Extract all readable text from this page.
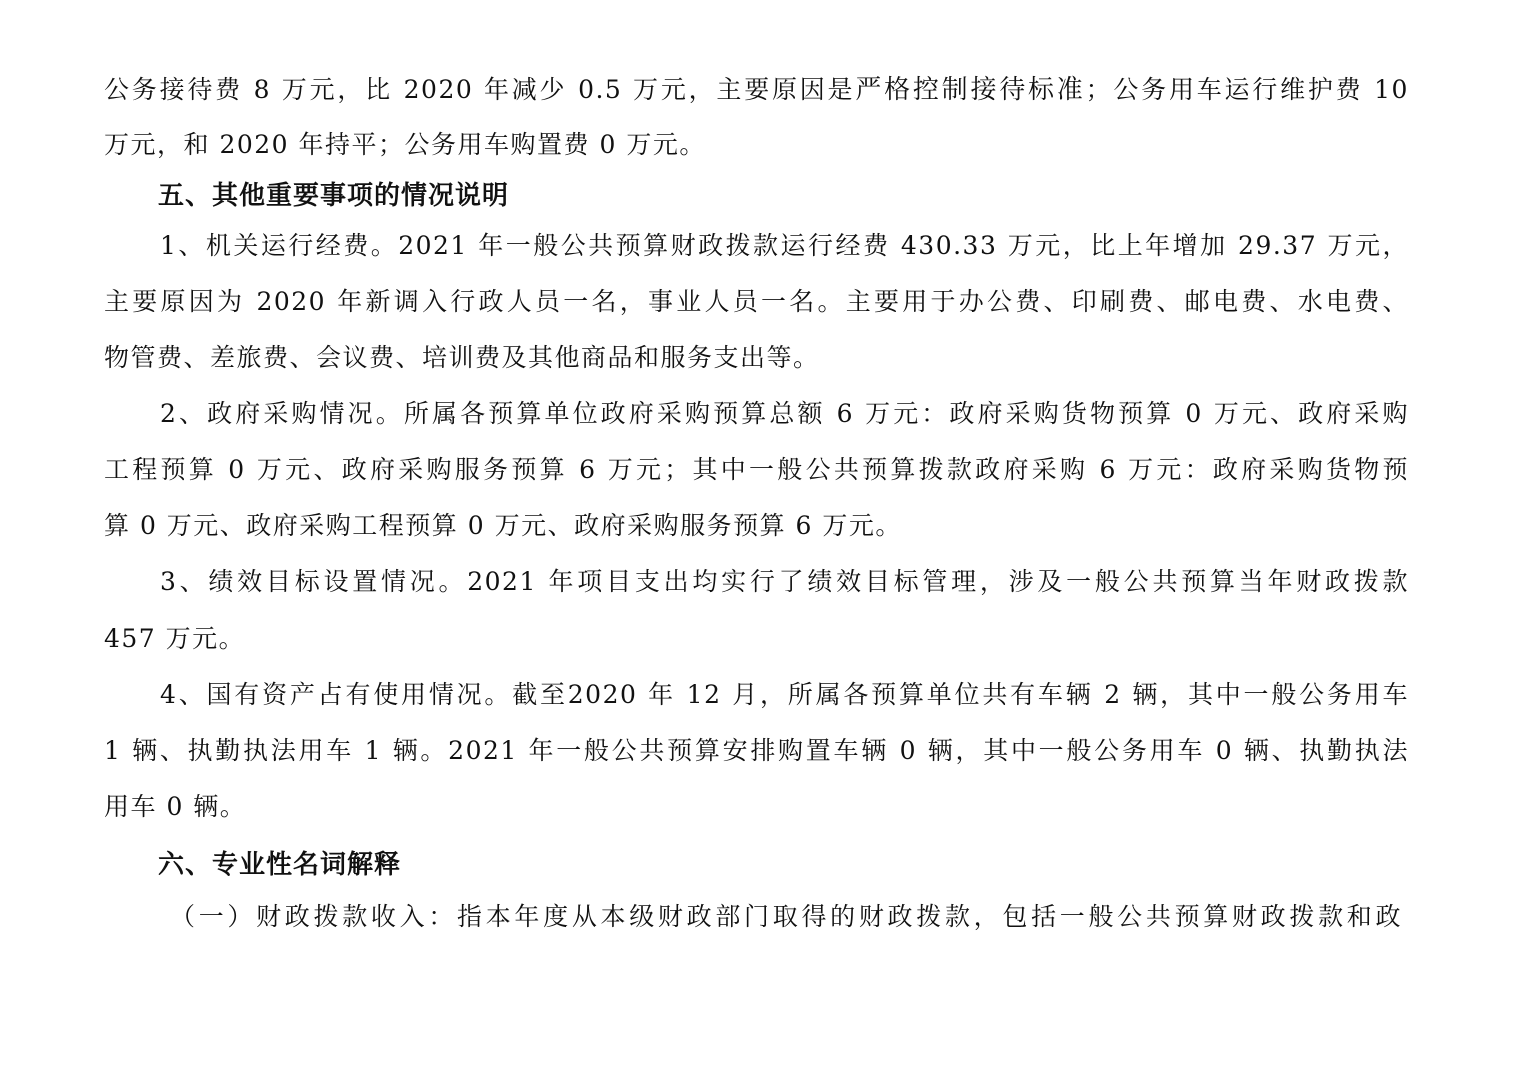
公务接待费 8 万元，比 2020 年减少 0.5 万元，主要原因是严格控制接待标准；公务用车运行维护费 10
万元，和 2020 年持平；公务用车购置费 0 万元。
五、其他重要事项的情况说明
1、机关运行经费。2021 年一般公共预算财政拨款运行经费 430.33 万元，比上年增加 29.37 万元，
主要原因为 2020 年新调入行政人员一名，事业人员一名。主要用于办公费、印刷费、邮电费、水电费、
物管费、差旅费、会议费、培训费及其他商品和服务支出等。
2、政府采购情况。所属各预算单位政府采购预算总额 6 万元：政府采购货物预算 0 万元、政府采购
工程预算 0 万元、政府采购服务预算 6 万元；其中一般公共预算拨款政府采购 6 万元：政府采购货物预
算 0 万元、政府采购工程预算 0 万元、政府采购服务预算 6 万元。
3、绩效目标设置情况。2021 年项目支出均实行了绩效目标管理，涉及一般公共预算当年财政拨款
457 万元。
4、国有资产占有使用情况。截至2020 年 12 月，所属各预算单位共有车辆 2 辆，其中一般公务用车
1 辆、执勤执法用车 1 辆。2021 年一般公共预算安排购置车辆 0 辆，其中一般公务用车 0 辆、执勤执法
用车 0 辆。
六、专业性名词解释
（一）财政拨款收入：指本年度从本级财政部门取得的财政拨款，包括一般公共预算财政拨款和政
